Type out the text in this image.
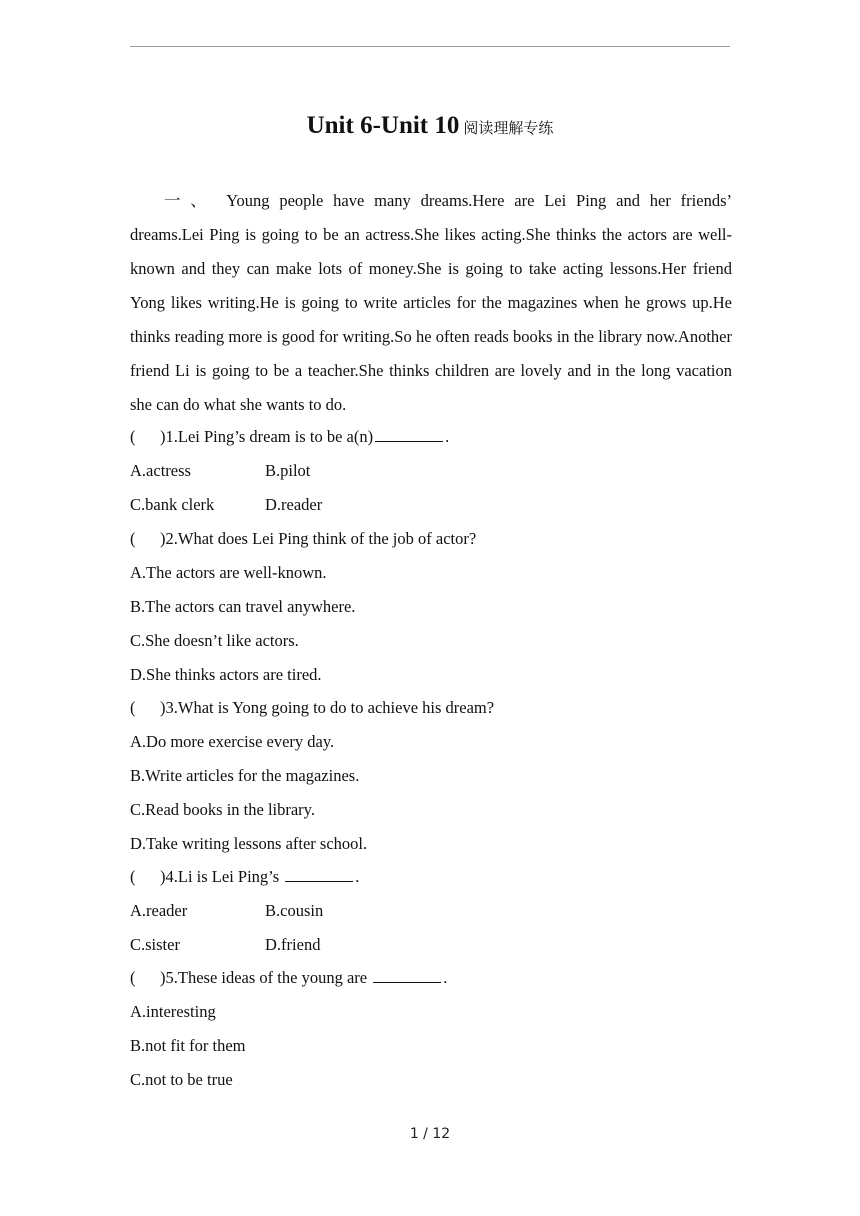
Unit 6-Unit 10 阅读理解专练
一、 Young people have many dreams.Here are Lei Ping and her friends’ dreams.Lei Ping is going to be an actress.She likes acting.She thinks the actors are well-known and they can make lots of money.She is going to take acting lessons.Her friend Yong likes writing.He is going to write articles for the magazines when he grows up.He thinks reading more is good for writing.So he often reads books in the library now.Another friend Li is going to be a teacher.She thinks children are lovely and in the long vacation she can do what she wants to do.
( )1.Lei Ping’s dream is to be a(n)	.
A.actress	B.pilot
C.bank clerk	D.reader
( )2.What does Lei Ping think of the job of actor?
A.The actors are well-known.
B.The actors can travel anywhere.
C.She doesn’t like actors.
D.She thinks actors are tired.
( )3.What is Yong going to do to achieve his dream?
A.Do more exercise every day.
B.Write articles for the magazines.
C.Read books in the library.
D.Take writing lessons after school.
( )4.Li is Lei Ping’s	.
A.reader	B.cousin
C.sister	D.friend
( )5.These ideas of the young are	.
A.interesting
B.not fit for them
C.not to be true
1 / 12
